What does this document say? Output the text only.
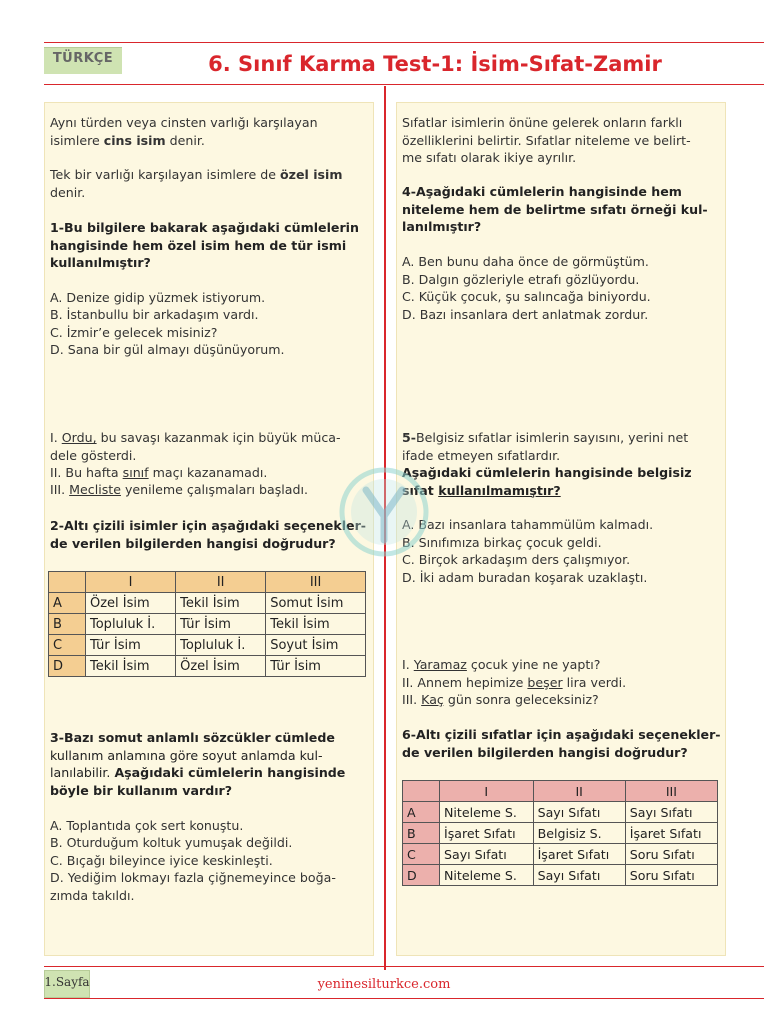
TÜRKÇE	6. Sınıf Karma Test-1: İsim-Sıfat-Zamir
Aynı türden veya cinsten varlığı karşılayan
isimlere cins isim denir.
Tek bir varlığı karşılayan isimlere de özel isim
denir.
1-Bu bilgilere bakarak aşağıdaki cümlelerin hangisinde hem özel isim hem de tür ismi kullanılmıştır?
A. Denize gidip yüzmek istiyorum.
B. İstanbullu bir arkadaşım vardı.
C. İzmir’e gelecek misiniz?
D. Sana bir gül almayı düşünüyorum.
I. Ordu, bu savaşı kazanmak için büyük müca-
dele gösterdi.
II. Bu hafta sınıf maçı kazanamadı.
III. Mecliste yenileme çalışmaları başladı.
2-Altı çizili isimler için aşağıdaki seçenekler-de verilen bilgilerden hangisi doğrudur?
	I	II	III
A	Özel İsim	Tekil İsim	Somut İsim
B	Topluluk İ.	Tür İsim	Tekil İsim
C	Tür İsim	Topluluk İ.	Soyut İsim
D	Tekil İsim	Özel İsim	Tür İsim
3-Bazı somut anlamlı sözcükler cümlede
kullanım anlamına göre soyut anlamda kul-
lanılabilir. Aşağıdaki cümlelerin hangisinde
böyle bir kullanım vardır?
A. Toplantıda çok sert konuştu.
B. Oturduğum koltuk yumuşak değildi.
C. Bıçağı bileyince iyice keskinleşti.
D. Yediğim lokmayı fazla çiğnemeyince boğa-
zımda takıldı.
Sıfatlar isimlerin önüne gelerek onların farklı
özelliklerini belirtir. Sıfatlar niteleme ve belirt-
me sıfatı olarak ikiye ayrılır.
4-Aşağıdaki cümlelerin hangisinde hem
niteleme hem de belirtme sıfatı örneği kul-
lanılmıştır?
A. Ben bunu daha önce de görmüştüm.
B. Dalgın gözleriyle etrafı gözlüyordu.
C. Küçük çocuk, şu salıncağa biniyordu.
D. Bazı insanlara dert anlatmak zordur.
5-Belgisiz sıfatlar isimlerin sayısını, yerini net
ifade etmeyen sıfatlardır.
Aşağıdaki cümlelerin hangisinde belgisiz
sıfat kullanılmamıştır?
A. Bazı insanlara tahammülüm kalmadı.
B. Sınıfımıza birkaç çocuk geldi.
C. Birçok arkadaşım ders çalışmıyor.
D. İki adam buradan koşarak uzaklaştı.
I. Yaramaz çocuk yine ne yaptı?
II. Annem hepimize beşer lira verdi.
III. Kaç gün sonra geleceksiniz?
6-Altı çizili sıfatlar için aşağıdaki seçenekler-
de verilen bilgilerden hangisi doğrudur?
	I	II	III
A	Niteleme S.	Sayı Sıfatı	Sayı Sıfatı
B	İşaret Sıfatı	Belgisiz S.	İşaret Sıfatı
C	Sayı Sıfatı	İşaret Sıfatı	Soru Sıfatı
D	Niteleme S.	Sayı Sıfatı	Soru Sıfatı
1.Sayfa	yeninesilturkce.com
